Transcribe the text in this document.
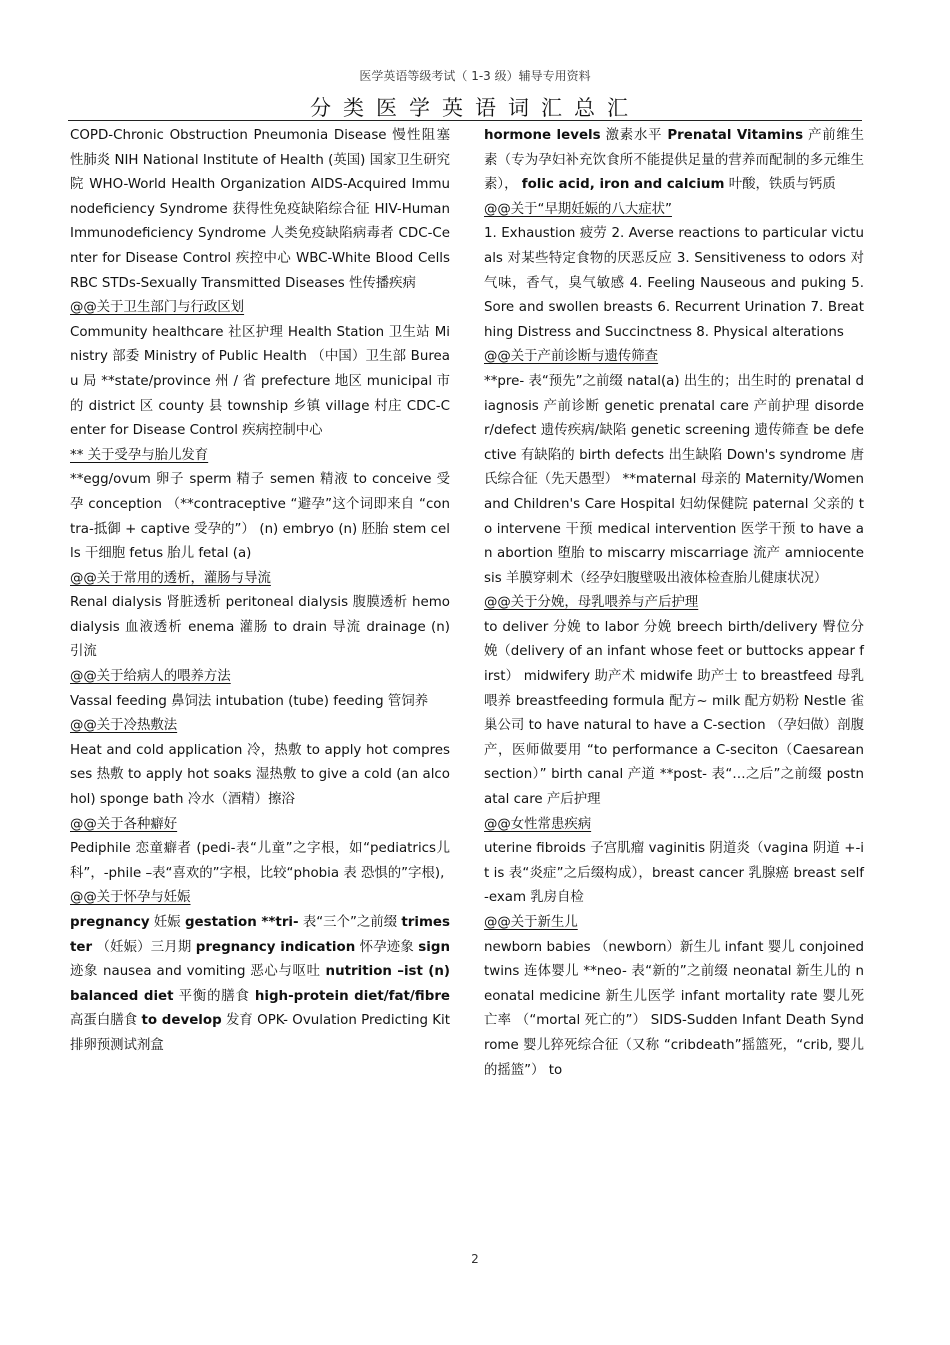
医学英语等级考试（ 1-3 级）辅导专用资料
分类医学英语词汇总汇

COPD-Chronic Obstruction Pneumonia Disease 慢性阻塞性肺炎 NIH National Institute of Health (英国) 国家卫生研究院 WHO-World Health Organization AIDS-Acquired Immunodeficiency Syndrome 获得性免疫缺陷综合征 HIV-Human Immunodeficiency Syndrome 人类免疫缺陷病毒者 CDC-Center for Disease Control 疾控中心 WBC-White Blood Cells RBC STDs-Sexually Transmitted Diseases 性传播疾病

@@关于卫生部门与行政区划

Community healthcare 社区护理 Health Station 卫生站 Ministry 部委 Ministry of Public Health （中国）卫生部 Bureau 局 **state/province 州 / 省 prefecture 地区 municipal 市的 district 区 county 县 township 乡镇 village 村庄 CDC-Center for Disease Control 疾病控制中心

** 关于受孕与胎儿发育

**egg/ovum 卵子 sperm 精子 semen 精液 to conceive 受孕 conception （**contraceptive “避孕”这个词即来自 “contra-抵御 + captive 受孕的”） (n) embryo (n) 胚胎 stem cells 干细胞 fetus 胎儿 fetal (a)

@@关于常用的透析，灌肠与导流

Renal dialysis 肾脏透析 peritoneal dialysis 腹膜透析 hemodialysis 血液透析 enema 灌肠 to drain 导流 drainage (n) 引流

@@关于给病人的喂养方法

Vassal feeding 鼻饲法 intubation (tube) feeding 管饲养

@@关于冷热敷法

Heat and cold application 冷，热敷 to apply hot compresses 热敷 to apply hot soaks 湿热敷 to give a cold (an alcohol) sponge bath 冷水（酒精）擦浴

@@关于各种癖好

Pediphile 恋童癖者 (pedi-表“儿童”之字根，如“pediatrics儿科”，-phile –表“喜欢的”字根，比较“phobia 表 恐惧的”字根),

@@关于怀孕与妊娠

pregnancy 妊娠 gestation **tri- 表“三个”之前缀 trimester （妊娠）三月期 pregnancy indication 怀孕迹象 sign 迹象 nausea and vomiting 恶心与呕吐 nutrition –ist (n) balanced diet 平衡的膳食 high-protein diet/fat/fibre 高蛋白膳食 to develop 发育 OPK- Ovulation Predicting Kit 排卵预测试剂盒

hormone levels 激素水平 Prenatal Vitamins 产前维生素（专为孕妇补充饮食所不能提供足量的营养而配制的多元维生素）， folic acid, iron and calcium 叶酸，铁质与钙质

@@关于“早期妊娠的八大症状”

1. Exhaustion 疲劳 2. Averse reactions to particular victuals 对某些特定食物的厌恶反应 3. Sensitiveness to odors 对气味，香气，臭气敏感 4. Feeling Nauseous and puking 5. Sore and swollen breasts 6. Recurrent Urination 7. Breathing Distress and Succinctness 8. Physical alterations

@@关于产前诊断与遗传筛查

**pre- 表“预先”之前缀 natal(a) 出生的；出生时的 prenatal diagnosis 产前诊断 genetic prenatal care 产前护理 disorder/defect 遗传疾病/缺陷 genetic screening 遗传筛查 be defective 有缺陷的 birth defects 出生缺陷 Down's syndrome 唐氏综合征（先天愚型） **maternal 母亲的 Maternity/Women and Children's Care Hospital 妇幼保健院 paternal 父亲的 to intervene 干预 medical intervention 医学干预 to have an abortion 堕胎 to miscarry miscarriage 流产 amniocentesis 羊膜穿刺术（经孕妇腹壁吸出液体检查胎儿健康状况）

@@关于分娩，母乳喂养与产后护理

to deliver 分娩 to labor 分娩 breech birth/delivery 臀位分娩（delivery of an infant whose feet or buttocks appear first） midwifery 助产术 midwife 助产士 to breastfeed 母乳喂养 breastfeeding formula 配方~ milk 配方奶粉 Nestle 雀巢公司 to have natural to have a C-section （孕妇做）剖腹产，医师做要用 “to performance a C-seciton（Caesarean section）” birth canal 产道 **post- 表“…之后”之前缀 postnatal care 产后护理

@@女性常患疾病

uterine fibroids 子宫肌瘤 vaginitis 阴道炎（vagina 阴道 +-it is 表“炎症”之后缀构成），breast cancer 乳腺癌 breast self-exam 乳房自检

@@关于新生儿

newborn babies （newborn）新生儿 infant 婴儿 conjoined twins 连体婴儿 **neo- 表“新的”之前缀 neonatal 新生儿的 neonatal medicine 新生儿医学 infant mortality rate 婴儿死亡率 （“mortal 死亡的”） SIDS-Sudden Infant Death Syndrome 婴儿猝死综合征（又称 “cribdeath”摇篮死，“crib, 婴儿的摇篮”） to

2
